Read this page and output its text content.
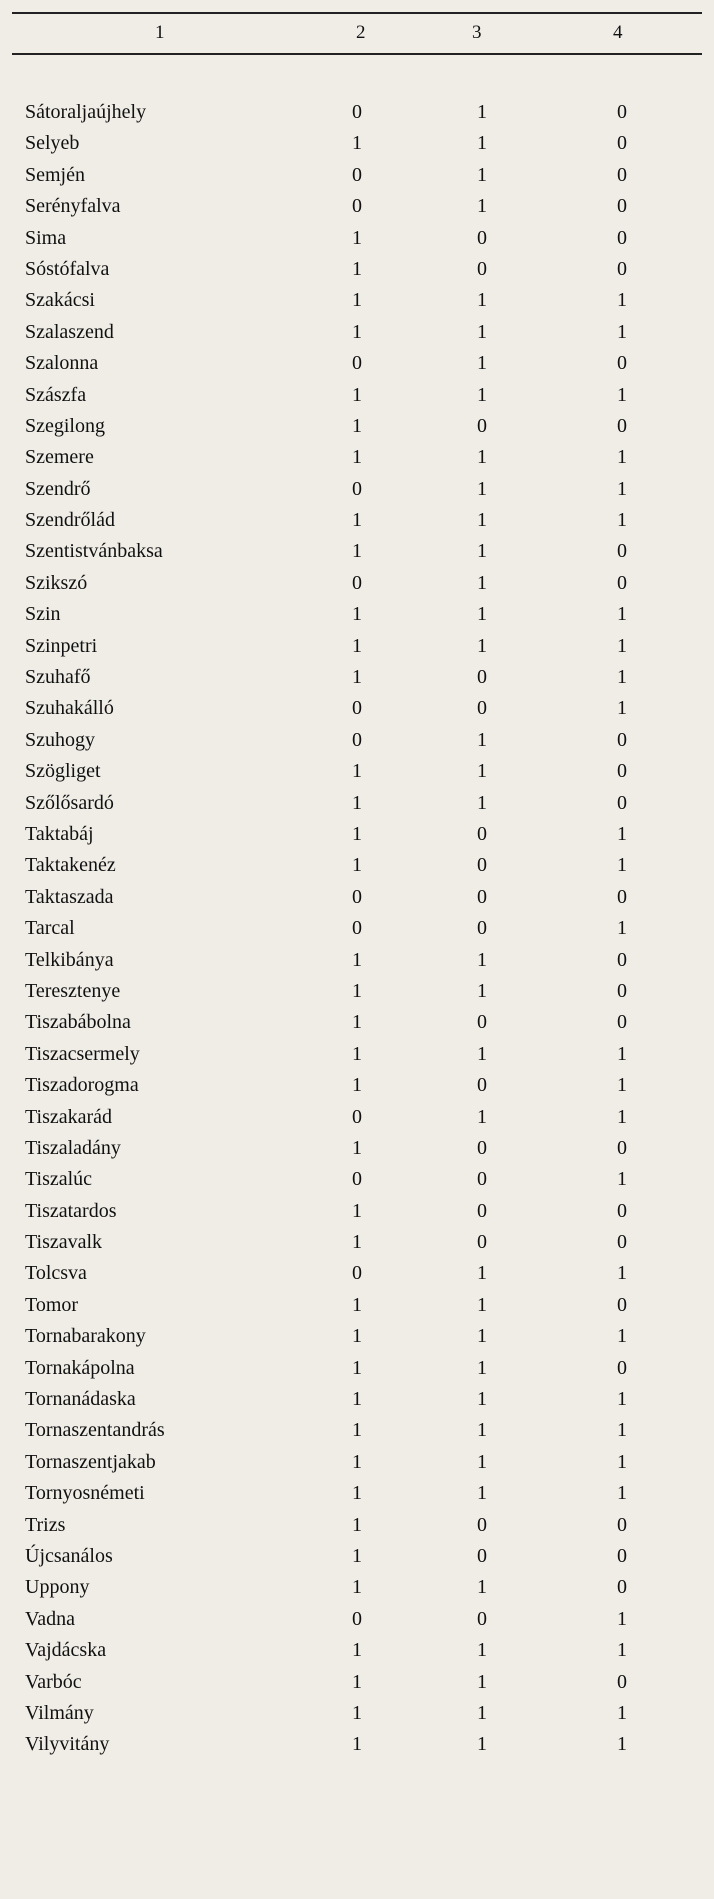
1	2	3	4
Sátoraljaújhely	0	1	0
Selyeb	1	1	0
Semjén	0	1	0
Serényfalva	0	1	0
Sima	1	0	0
Sóstófalva	1	0	0
Szakácsi	1	1	1
Szalaszend	1	1	1
Szalonna	0	1	0
Szászfa	1	1	1
Szegilong	1	0	0
Szemere	1	1	1
Szendrő	0	1	1
Szendrőlád	1	1	1
Szentistvánbaksa	1	1	0
Szikszó	0	1	0
Szin	1	1	1
Szinpetri	1	1	1
Szuhafő	1	0	1
Szuhakálló	0	0	1
Szuhogy	0	1	0
Szögliget	1	1	0
Szőlősardó	1	1	0
Taktabáj	1	0	1
Taktakenéz	1	0	1
Taktaszada	0	0	0
Tarcal	0	0	1
Telkibánya	1	1	0
Teresztenye	1	1	0
Tiszabábolna	1	0	0
Tiszacsermely	1	1	1
Tiszadorogma	1	0	1
Tiszakarád	0	1	1
Tiszaladány	1	0	0
Tiszalúc	0	0	1
Tiszatardos	1	0	0
Tiszavalk	1	0	0
Tolcsva	0	1	1
Tomor	1	1	0
Tornabarakony	1	1	1
Tornakápolna	1	1	0
Tornanádaska	1	1	1
Tornaszentandrás	1	1	1
Tornaszentjakab	1	1	1
Tornyosnémeti	1	1	1
Trizs	1	0	0
Újcsanálos	1	0	0
Uppony	1	1	0
Vadna	0	0	1
Vajdácska	1	1	1
Varbóc	1	1	0
Vilmány	1	1	1
Vilyvitány	1	1	1
